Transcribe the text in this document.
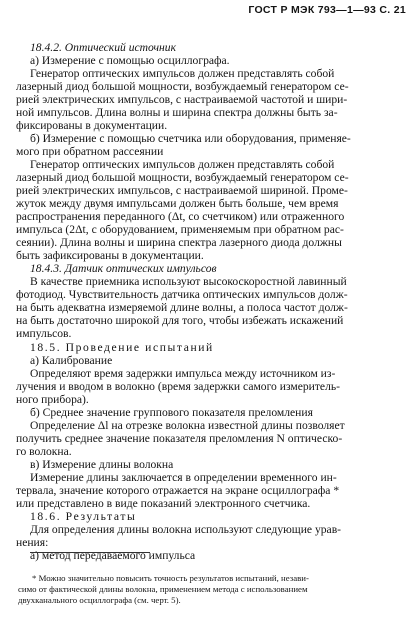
ГОСТ Р МЭК 793—1—93 С. 21
18.4.2. Оптический источник
а) Измерение с помощью осциллографа.
Генератор оптических импульсов должен представлять собой
лазерный диод большой мощности, возбуждаемый генератором се-
рией электрических импульсов, с настраиваемой частотой и шири-
ной импульсов. Длина волны и ширина спектра должны быть за-
фиксированы в документации.
б) Измерение с помощью счетчика или оборудования, применяе-
мого при обратном рассеянии
Генератор оптических импульсов должен представлять собой
лазерный диод большой мощности, возбуждаемый генератором се-
рией электрических импульсов, с настраиваемой шириной. Проме-
жуток между двумя импульсами должен быть больше, чем время
распространения переданного (Δt, со счетчиком) или отраженного
импульса (2Δt, с оборудованием, применяемым при обратном рас-
сеянии). Длина волны и ширина спектра лазерного диода должны
быть зафиксированы в документации.
18.4.3. Датчик оптических импульсов
В качестве приемника используют высокоскоростной лавинный
фотодиод. Чувствительность датчика оптических импульсов долж-
на быть адекватна измеряемой длине волны, а полоса частот долж-
на быть достаточно широкой для того, чтобы избежать искажений
импульсов.
18.5. Проведение испытаний
а) Калибрование
Определяют время задержки импульса между источником из-
лучения и вводом в волокно (время задержки самого измеритель-
ного прибора).
б) Среднее значение группового показателя преломления
Определение Δl на отрезке волокна известной длины позволяет
получить среднее значение показателя преломления N оптическо-
го волокна.
в) Измерение длины волокна
Измерение длины заключается в определении временного ин-
тервала, значение которого отражается на экране осциллографа *
или представлено в виде показаний электронного счетчика.
18.6. Результаты
Для определения длины волокна используют следующие урав-
нения:
а) метод передаваемого импульса
* Можно значительно повысить точность результатов испытаний, незави-
симо от фактической длины волокна, применением метода с использованием
двухканального осциллографа (см. черт. 5).
